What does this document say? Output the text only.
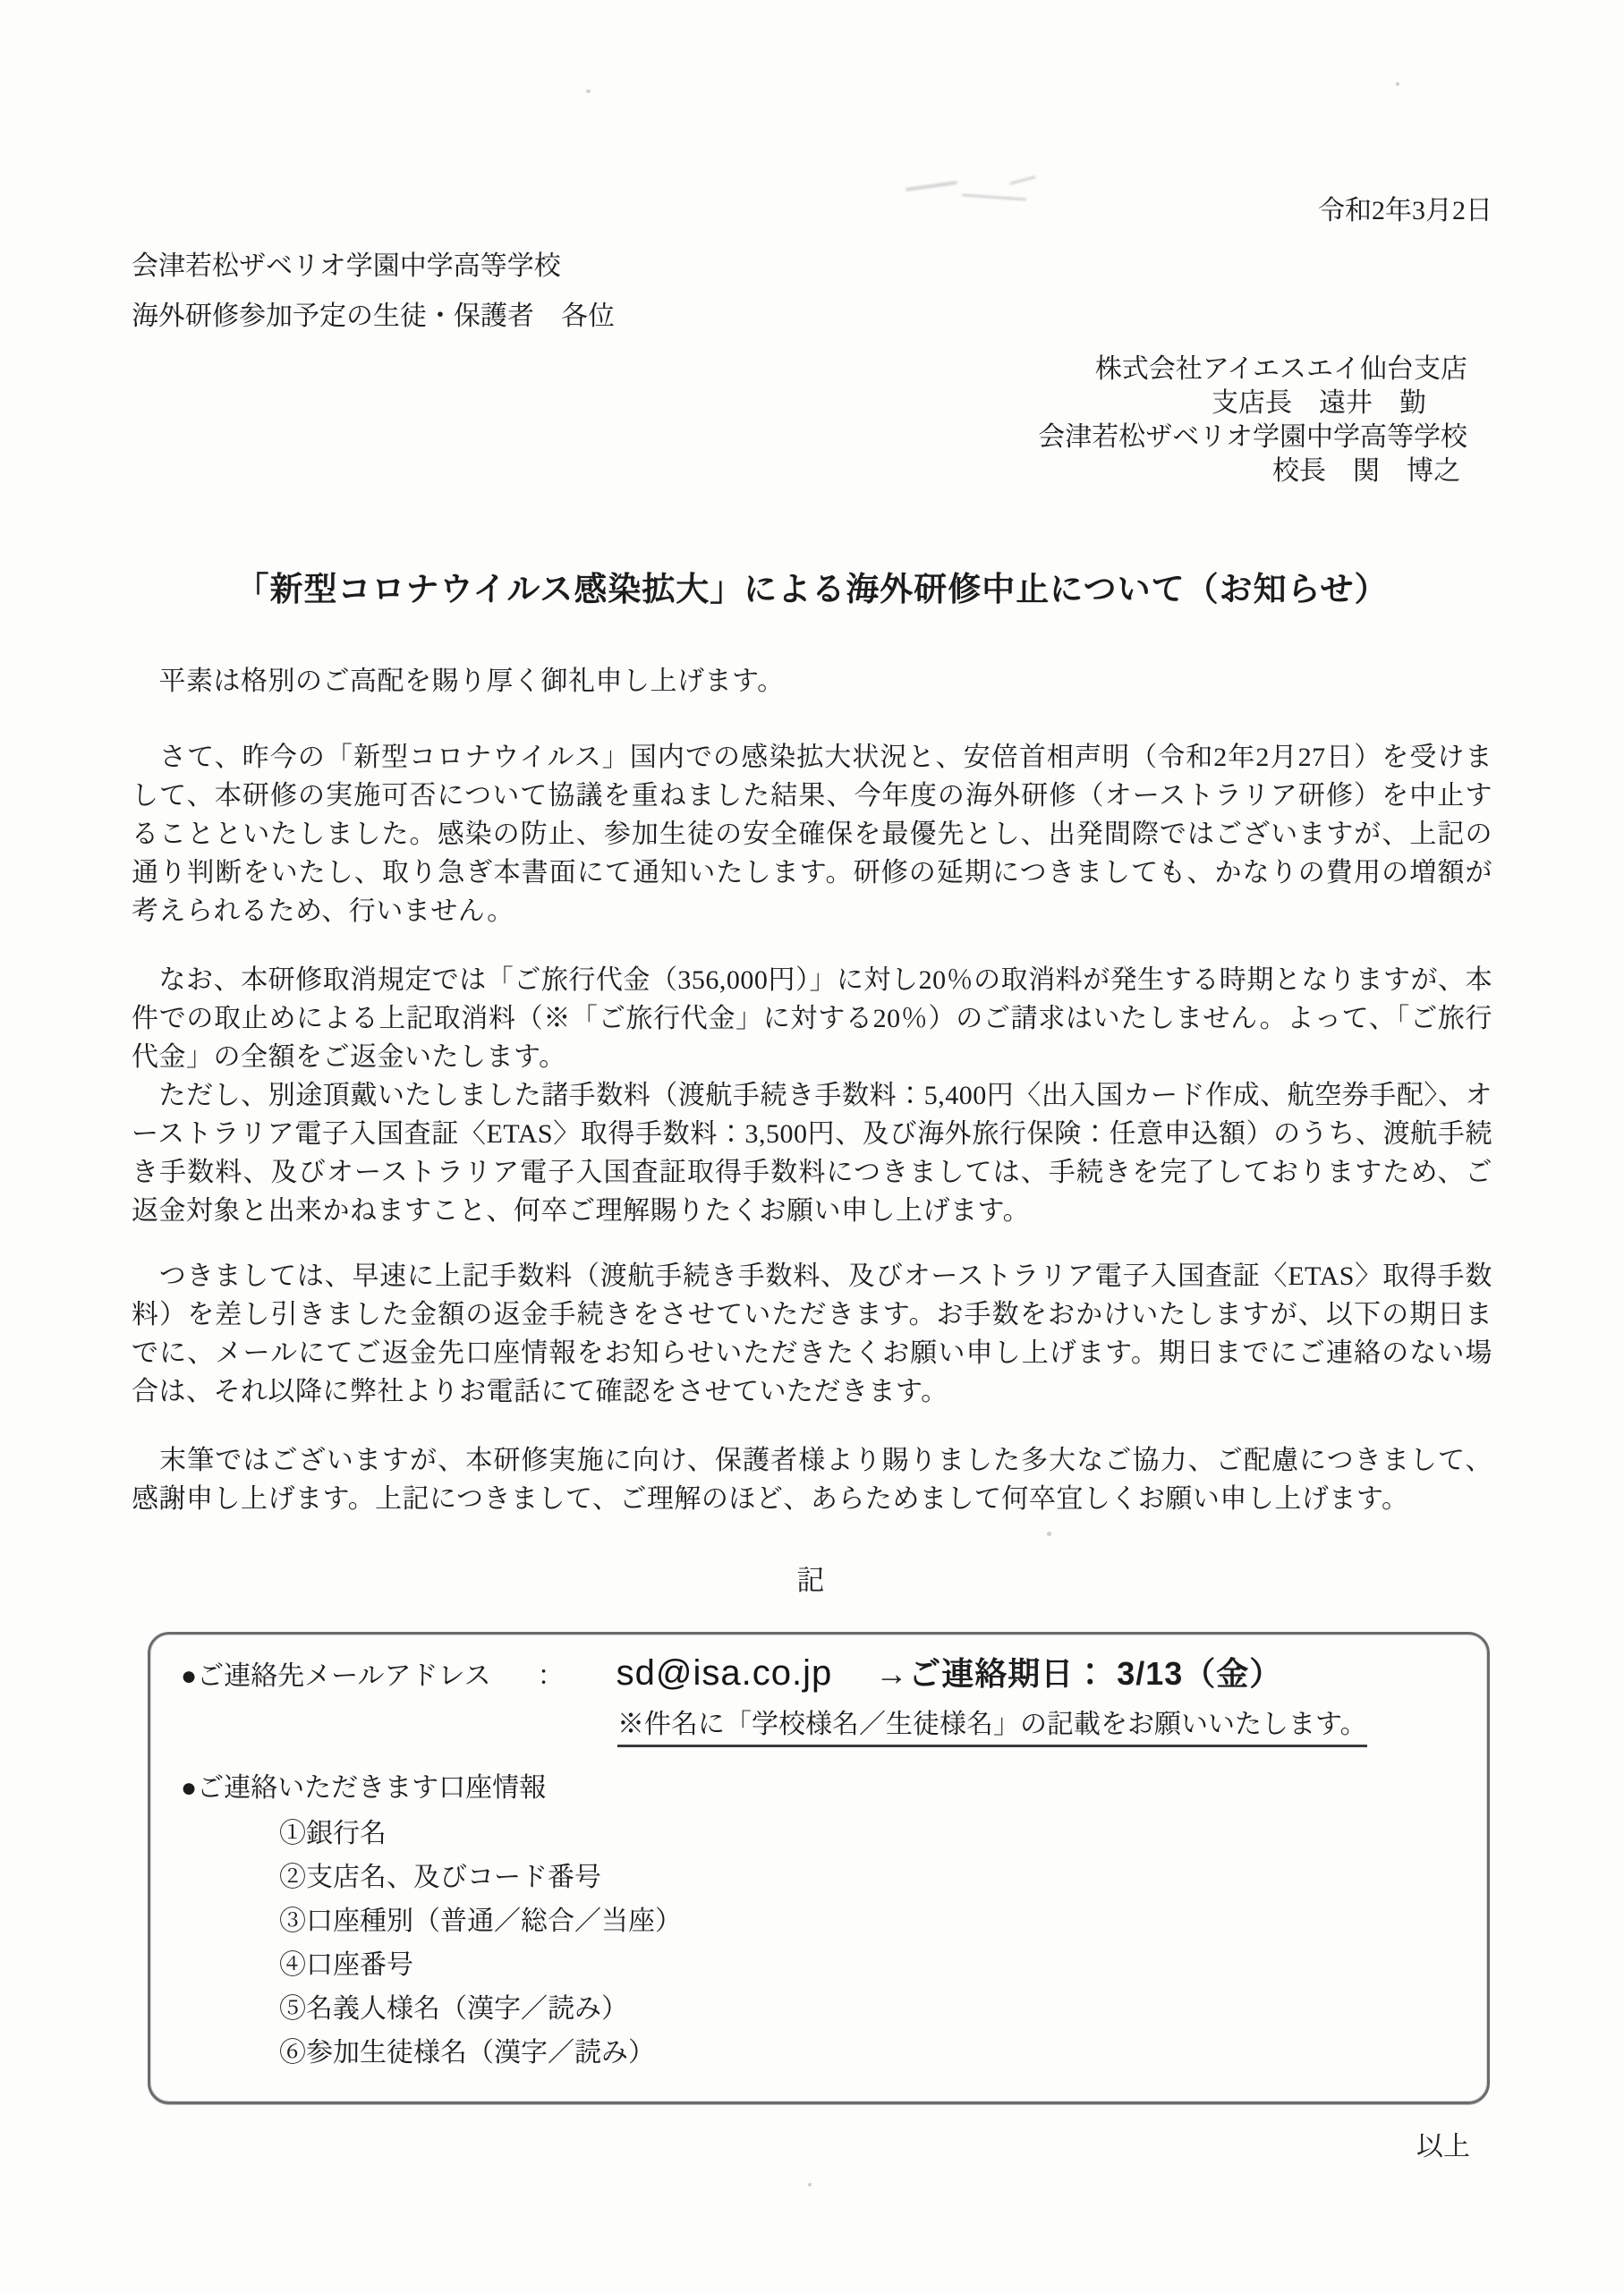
令和2年3月2日
会津若松ザベリオ学園中学高等学校
海外研修参加予定の生徒・保護者　各位
株式会社アイエスエイ仙台支店
支店長　遠井　勤
会津若松ザベリオ学園中学高等学校
校長　関　博之
「新型コロナウイルス感染拡大」による海外研修中止について（お知らせ）
　平素は格別のご高配を賜り厚く御礼申し上げます。
　さて、昨今の「新型コロナウイルス」国内での感染拡大状況と、安倍首相声明（令和2年2月27日）を受けまして、本研修の実施可否について協議を重ねました結果、今年度の海外研修（オーストラリア研修）を中止することといたしました。感染の防止、参加生徒の安全確保を最優先とし、出発間際ではございますが、上記の通り判断をいたし、取り急ぎ本書面にて通知いたします。研修の延期につきましても、かなりの費用の増額が考えられるため、行いません。
　なお、本研修取消規定では「ご旅行代金（356,000円）」に対し20％の取消料が発生する時期となりますが、本件での取止めによる上記取消料（※「ご旅行代金」に対する20％）のご請求はいたしません。よって、「ご旅行代金」の全額をご返金いたします。
　ただし、別途頂戴いたしました諸手数料（渡航手続き手数料：5,400円〈出入国カード作成、航空券手配〉、オーストラリア電子入国査証〈ETAS〉取得手数料：3,500円、及び海外旅行保険：任意申込額）のうち、渡航手続き手数料、及びオーストラリア電子入国査証取得手数料につきましては、手続きを完了しておりますため、ご返金対象と出来かねますこと、何卒ご理解賜りたくお願い申し上げます。
　つきましては、早速に上記手数料（渡航手続き手数料、及びオーストラリア電子入国査証〈ETAS〉取得手数料）を差し引きました金額の返金手続きをさせていただきます。お手数をおかけいたしますが、以下の期日までに、メールにてご返金先口座情報をお知らせいただきたくお願い申し上げます。期日までにご連絡のない場合は、それ以降に弊社よりお電話にて確認をさせていただきます。
　末筆ではございますが、本研修実施に向け、保護者様より賜りました多大なご協力、ご配慮につきまして、感謝申し上げます。上記につきまして、ご理解のほど、あらためまして何卒宜しくお願い申し上げます。
記
●ご連絡先メールアドレス ： sd@isa.co.jp →ご連絡期日： 3/13（金）
※件名に「学校様名／生徒様名」の記載をお願いいたします。
●ご連絡いただきます口座情報
①銀行名
②支店名、及びコード番号
③口座種別（普通／総合／当座）
④口座番号
⑤名義人様名（漢字／読み）
⑥参加生徒様名（漢字／読み）
以上
